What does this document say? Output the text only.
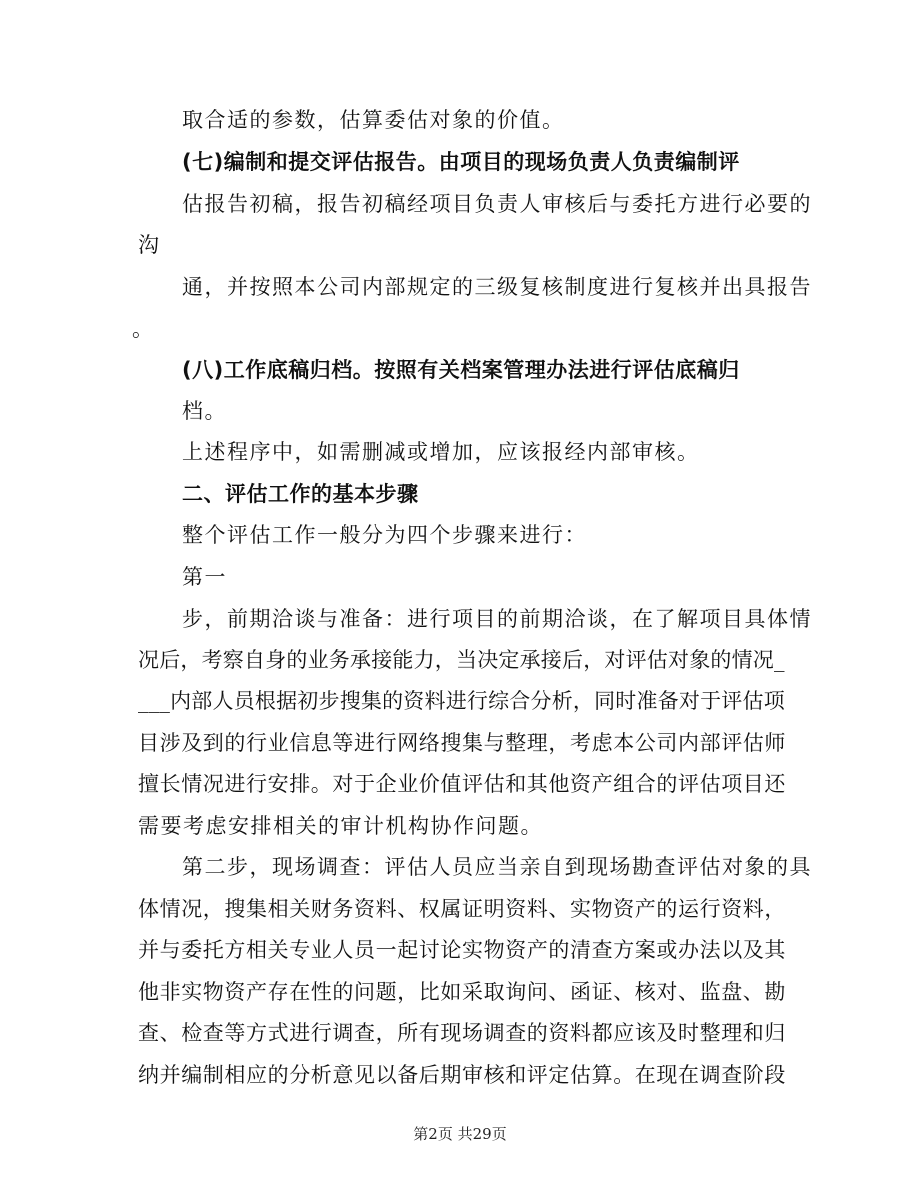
取合适的参数，估算委估对象的价值。
(七)编制和提交评估报告。由项目的现场负责人负责编制评
估报告初稿，报告初稿经项目负责人审核后与委托方进行必要的
沟
通，并按照本公司内部规定的三级复核制度进行复核并出具报告
。
(八)工作底稿归档。按照有关档案管理办法进行评估底稿归
档。
上述程序中，如需删减或增加，应该报经内部审核。
二、评估工作的基本步骤
整个评估工作一般分为四个步骤来进行：
第一
步，前期洽谈与准备：进行项目的前期洽谈，在了解项目具体情
况后，考察自身的业务承接能力，当决定承接后，对评估对象的情况_
___内部人员根据初步搜集的资料进行综合分析，同时准备对于评估项
目涉及到的行业信息等进行网络搜集与整理，考虑本公司内部评估师
擅长情况进行安排。对于企业价值评估和其他资产组合的评估项目还
需要考虑安排相关的审计机构协作问题。
第二步，现场调查：评估人员应当亲自到现场勘查评估对象的具
体情况，搜集相关财务资料、权属证明资料、实物资产的运行资料，
并与委托方相关专业人员一起讨论实物资产的清查方案或办法以及其
他非实物资产存在性的问题，比如采取询问、函证、核对、监盘、勘
查、检查等方式进行调查，所有现场调查的资料都应该及时整理和归
纳并编制相应的分析意见以备后期审核和评定估算。在现在调查阶段
第2页 共29页
